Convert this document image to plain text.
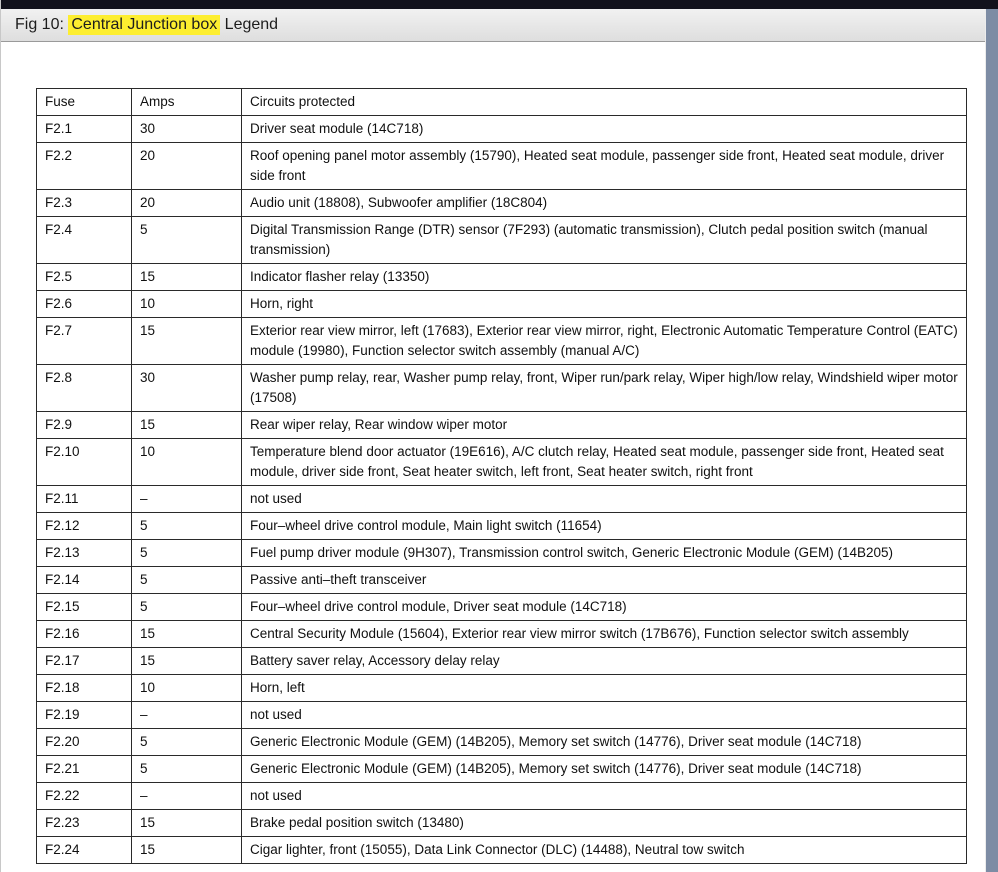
Fig 10: Central Junction box Legend
Fuse	Amps	Circuits protected
F2.1	30	Driver seat module (14C718)
F2.2	20	Roof opening panel motor assembly (15790), Heated seat module, passenger side front, Heated seat module, driver side front
F2.3	20	Audio unit (18808), Subwoofer amplifier (18C804)
F2.4	5	Digital Transmission Range (DTR) sensor (7F293) (automatic transmission), Clutch pedal position switch (manual transmission)
F2.5	15	Indicator flasher relay (13350)
F2.6	10	Horn, right
F2.7	15	Exterior rear view mirror, left (17683), Exterior rear view mirror, right, Electronic Automatic Temperature Control (EATC) module (19980), Function selector switch assembly (manual A/C)
F2.8	30	Washer pump relay, rear, Washer pump relay, front, Wiper run/park relay, Wiper high/low relay, Windshield wiper motor (17508)
F2.9	15	Rear wiper relay, Rear window wiper motor
F2.10	10	Temperature blend door actuator (19E616), A/C clutch relay, Heated seat module, passenger side front, Heated seat module, driver side front, Seat heater switch, left front, Seat heater switch, right front
F2.11	–	not used
F2.12	5	Four–wheel drive control module, Main light switch (11654)
F2.13	5	Fuel pump driver module (9H307), Transmission control switch, Generic Electronic Module (GEM) (14B205)
F2.14	5	Passive anti–theft transceiver
F2.15	5	Four–wheel drive control module, Driver seat module (14C718)
F2.16	15	Central Security Module (15604), Exterior rear view mirror switch (17B676), Function selector switch assembly
F2.17	15	Battery saver relay, Accessory delay relay
F2.18	10	Horn, left
F2.19	–	not used
F2.20	5	Generic Electronic Module (GEM) (14B205), Memory set switch (14776), Driver seat module (14C718)
F2.21	5	Generic Electronic Module (GEM) (14B205), Memory set switch (14776), Driver seat module (14C718)
F2.22	–	not used
F2.23	15	Brake pedal position switch (13480)
F2.24	15	Cigar lighter, front (15055), Data Link Connector (DLC) (14488), Neutral tow switch
